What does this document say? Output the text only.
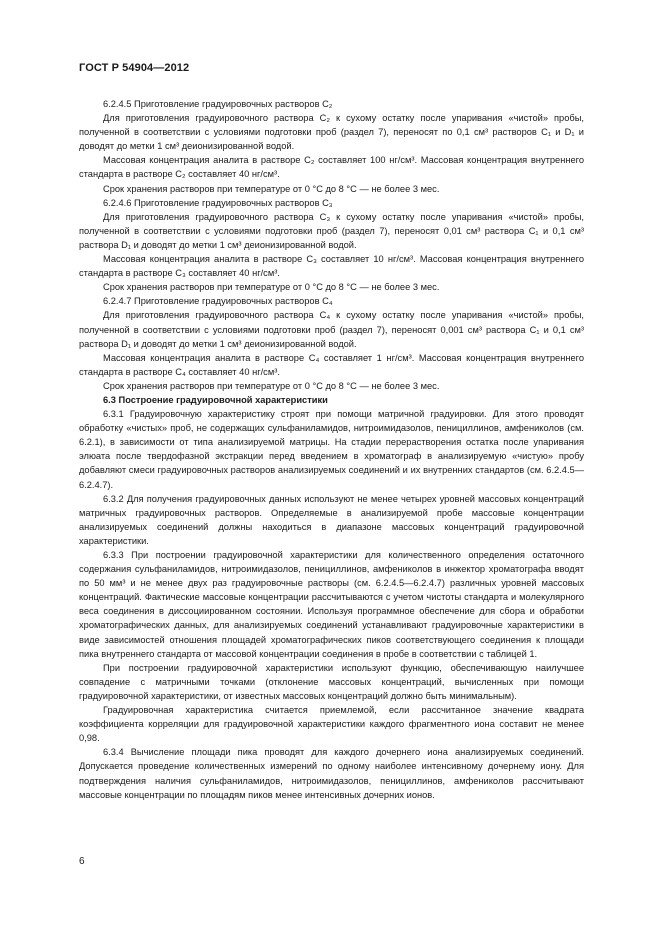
ГОСТ Р 54904—2012

6.2.4.5 Приготовление градуировочных растворов C₂

Для приготовления градуировочного раствора C₂ к сухому остатку после упаривания «чистой» пробы, полученной в соответствии с условиями подготовки проб (раздел 7), переносят по 0,1 см³ растворов C₁ и D₁ и доводят до метки 1 см³ деионизированной водой.

Массовая концентрация аналита в растворе C₂ составляет 100 нг/см³. Массовая концентрация внутреннего стандарта в растворе C₂ составляет 40 нг/см³.

Срок хранения растворов при температуре от 0 °C до 8 °C — не более 3 мес.

6.2.4.6 Приготовление градуировочных растворов C₃

Для приготовления градуировочного раствора C₃ к сухому остатку после упаривания «чистой» пробы, полученной в соответствии с условиями подготовки проб (раздел 7), переносят 0,01 см³ раствора C₁ и 0,1 см³ раствора D₁ и доводят до метки 1 см³ деионизированной водой.

Массовая концентрация аналита в растворе C₃ составляет 10 нг/см³. Массовая концентрация внутреннего стандарта в растворе C₃ составляет 40 нг/см³.

Срок хранения растворов при температуре от 0 °C до 8 °C — не более 3 мес.

6.2.4.7 Приготовление градуировочных растворов C₄

Для приготовления градуировочного раствора C₄ к сухому остатку после упаривания «чистой» пробы, полученной в соответствии с условиями подготовки проб (раздел 7), переносят 0,001 см³ раствора C₁ и 0,1 см³ раствора D₁ и доводят до метки 1 см³ деионизированной водой.

Массовая концентрация аналита в растворе C₄ составляет 1 нг/см³. Массовая концентрация внутреннего стандарта в растворе C₄ составляет 40 нг/см³.

Срок хранения растворов при температуре от 0 °C до 8 °C — не более 3 мес.

6.3 Построение градуировочной характеристики

6.3.1 Градуировочную характеристику строят при помощи матричной градуировки. Для этого проводят обработку «чистых» проб, не содержащих сульфаниламидов, нитроимидазолов, пенициллинов, амфениколов (см. 6.2.1), в зависимости от типа анализируемой матрицы. На стадии перерастворения остатка после упаривания элюата после твердофазной экстракции перед введением в хроматограф в анализируемую «чистую» пробу добавляют смеси градуировочных растворов анализируемых соединений и их внутренних стандартов (см. 6.2.4.5—6.2.4.7).

6.3.2 Для получения градуировочных данных используют не менее четырех уровней массовых концентраций матричных градуировочных растворов. Определяемые в анализируемой пробе массовые концентрации анализируемых соединений должны находиться в диапазоне массовых концентраций градуировочной характеристики.

6.3.3 При построении градуировочной характеристики для количественного определения остаточного содержания сульфаниламидов, нитроимидазолов, пенициллинов, амфениколов в инжектор хроматографа вводят по 50 мм³ и не менее двух раз градуировочные растворы (см. 6.2.4.5—6.2.4.7) различных уровней массовых концентраций. Фактические массовые концентрации рассчитываются с учетом чистоты стандарта и молекулярного веса соединения в диссоциированном состоянии. Используя программное обеспечение для сбора и обработки хроматографических данных, для анализируемых соединений устанавливают градуировочные характеристики в виде зависимостей отношения площадей хроматографических пиков соответствующего соединения к площади пика внутреннего стандарта от массовой концентрации соединения в пробе в соответствии с таблицей 1.

При построении градуировочной характеристики используют функцию, обеспечивающую наилучшее совпадение с матричными точками (отклонение массовых концентраций, вычисленных при помощи градуировочной характеристики, от известных массовых концентраций должно быть минимальным).

Градуировочная характеристика считается приемлемой, если рассчитанное значение квадрата коэффициента корреляции для градуировочной характеристики каждого фрагментного иона составит не менее 0,98.

6.3.4 Вычисление площади пика проводят для каждого дочернего иона анализируемых соединений. Допускается проведение количественных измерений по одному наиболее интенсивному дочернему иону. Для подтверждения наличия сульфаниламидов, нитроимидазолов, пенициллинов, амфениколов рассчитывают массовые концентрации по площадям пиков менее интенсивных дочерних ионов.

6
